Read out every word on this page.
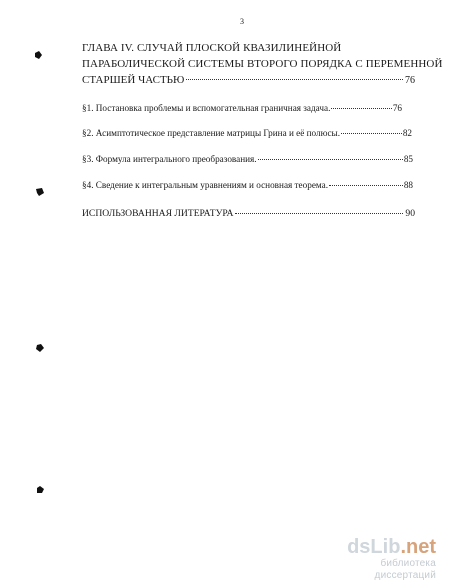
3
ГЛАВА IV. СЛУЧАЙ ПЛОСКОЙ КВАЗИЛИНЕЙНОЙ
ПАРАБОЛИЧЕСКОЙ СИСТЕМЫ ВТОРОГО ПОРЯДКА С ПЕРЕМЕННОЙ
СТАРШЕЙ ЧАСТЬЮ	76
§1. Постановка проблемы и вспомогательная граничная задача.	76
§2. Асимптотическое представление матрицы Грина и её полюсы.	82
§3. Формула интегрального преобразования.	85
§4. Сведение к интегральным уравнениям и основная теорема.	88
ИСПОЛЬЗОВАННАЯ ЛИТЕРАТУРА	90
dsLib.net
библиотека диссертаций
